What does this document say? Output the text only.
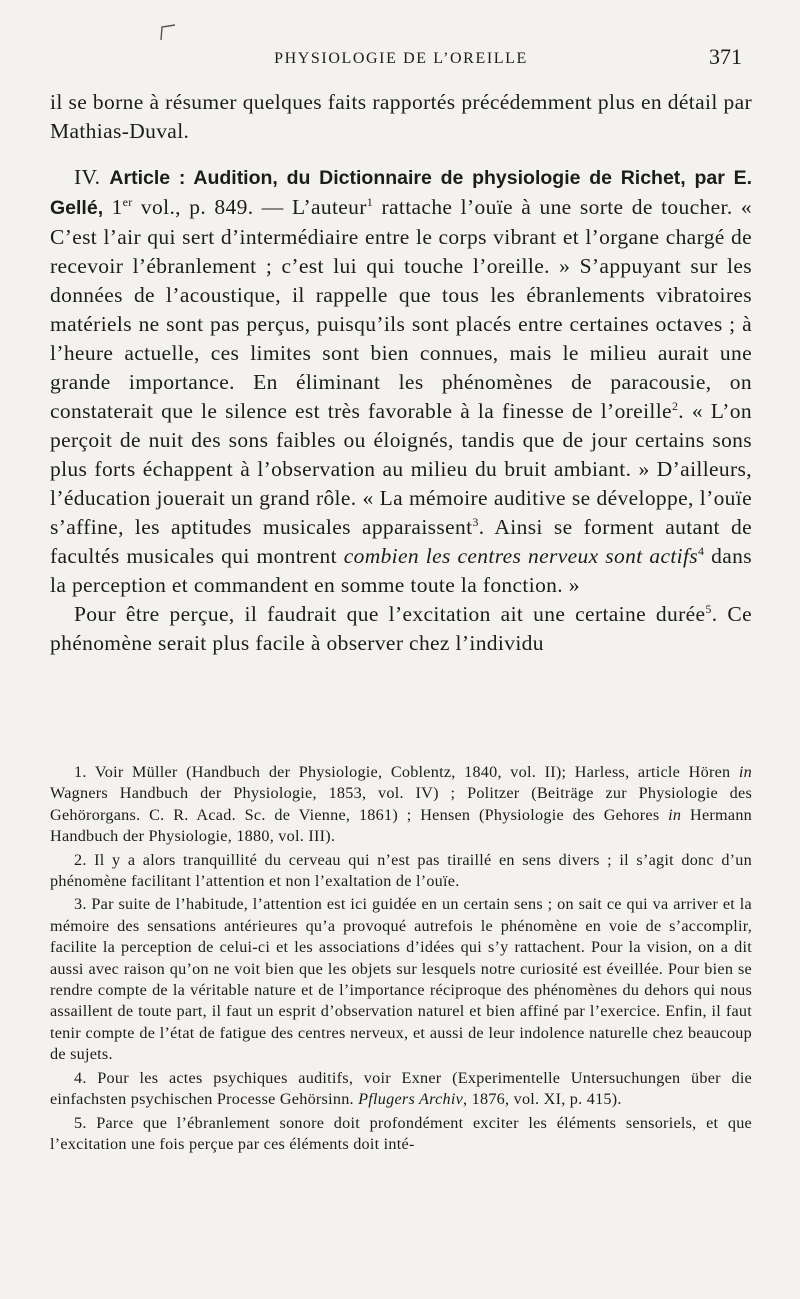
PHYSIOLOGIE DE L’OREILLE	371

il se borne à résumer quelques faits rapportés précédemment plus en détail par Mathias-Duval.

IV. Article : Audition, du Dictionnaire de physiologie de Richet, par E. Gellé, 1er vol., p. 849. — L’auteur$^1$ rattache l’ouïe à une sorte de toucher. « C’est l’air qui sert d’intermédiaire entre le corps vibrant et l’organe chargé de recevoir l’ébranlement ; c’est lui qui touche l’oreille. » S’appuyant sur les données de l’acoustique, il rappelle que tous les ébranlements vibratoires matériels ne sont pas perçus, puisqu’ils sont placés entre certaines octaves ; à l’heure actuelle, ces limites sont bien connues, mais le milieu aurait une grande importance. En éliminant les phénomènes de paracousie, on constaterait que le silence est très favorable à la finesse de l’oreille$^2$. « L’on perçoit de nuit des sons faibles ou éloignés, tandis que de jour certains sons plus forts échappent à l’observation au milieu du bruit ambiant. » D’ailleurs, l’éducation jouerait un grand rôle. « La mémoire auditive se développe, l’ouïe s’affine, les aptitudes musicales apparaissent$^3$. Ainsi se forment autant de facultés musicales qui montrent combien les centres nerveux sont actifs$^4$ dans la perception et commandent en somme toute la fonction. »

Pour être perçue, il faudrait que l’excitation ait une certaine durée$^5$. Ce phénomène serait plus facile à observer chez l’individu

1. Voir Müller (Handbuch der Physiologie, Coblentz, 1840, vol. II); Harless, article Hören in Wagners Handbuch der Physiologie, 1853, vol. IV) ; Politzer (Beiträge zur Physiologie des Gehörorgans. C. R. Acad. Sc. de Vienne, 1861) ; Hensen (Physiologie des Gehores in Hermann Handbuch der Physiologie, 1880, vol. III).

2. Il y a alors tranquillité du cerveau qui n’est pas tiraillé en sens divers ; il s’agit donc d’un phénomène facilitant l’attention et non l’exaltation de l’ouïe.

3. Par suite de l’habitude, l’attention est ici guidée en un certain sens ; on sait ce qui va arriver et la mémoire des sensations antérieures qu’a provoqué autrefois le phénomène en voie de s’accomplir, facilite la perception de celui-ci et les associations d’idées qui s’y rattachent. Pour la vision, on a dit aussi avec raison qu’on ne voit bien que les objets sur lesquels notre curiosité est éveillée. Pour bien se rendre compte de la véritable nature et de l’importance réciproque des phénomènes du dehors qui nous assaillent de toute part, il faut un esprit d’observation naturel et bien affiné par l’exercice. Enfin, il faut tenir compte de l’état de fatigue des centres nerveux, et aussi de leur indolence naturelle chez beaucoup de sujets.

4. Pour les actes psychiques auditifs, voir Exner (Experimentelle Untersuchungen über die einfachsten psychischen Processe Gehörsinn. Pflugers Archiv, 1876, vol. XI, p. 415).

5. Parce que l’ébranlement sonore doit profondément exciter les éléments sensoriels, et que l’excitation une fois perçue par ces éléments doit inté-
